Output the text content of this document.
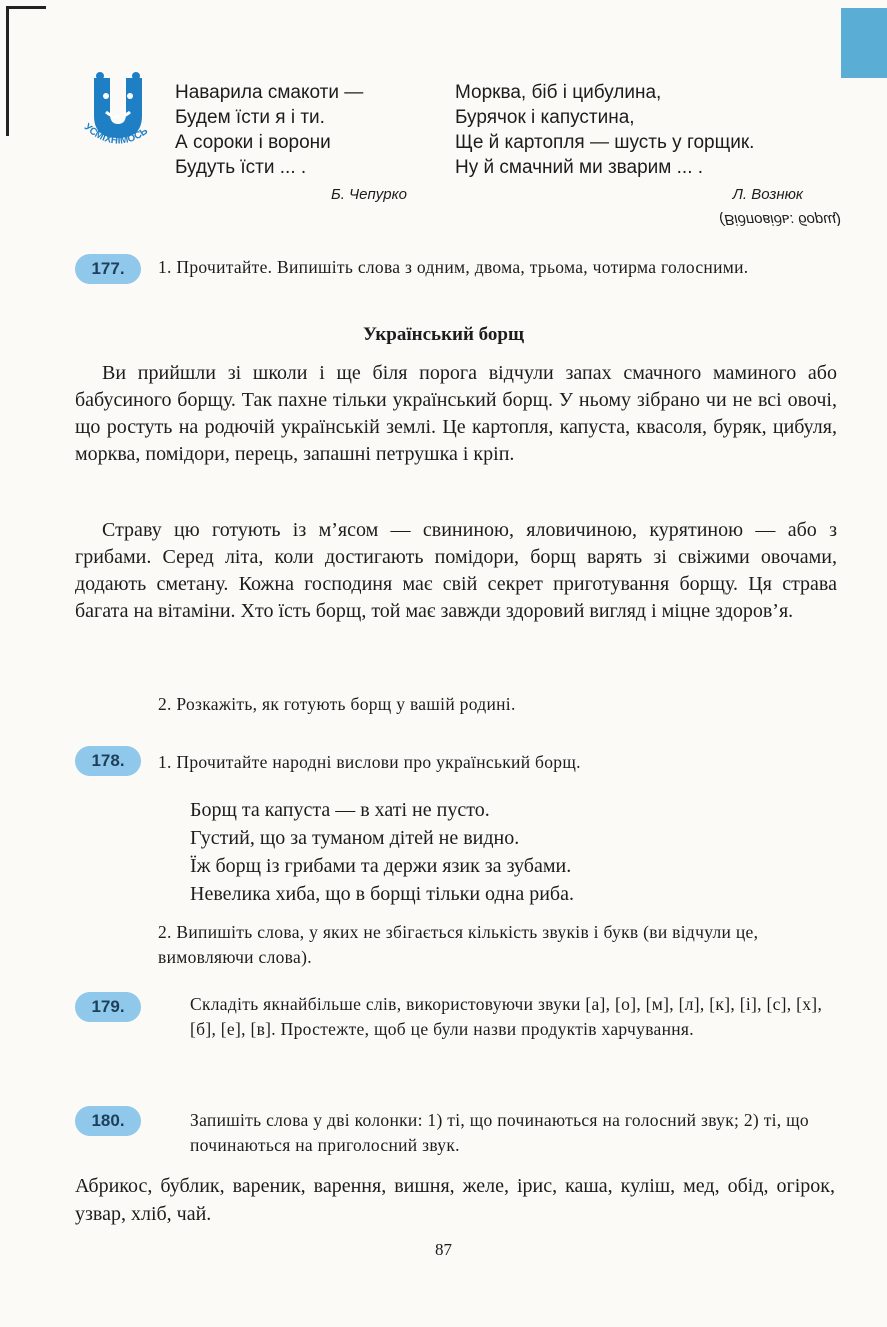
УСМІХНІМОСЬ
Наварила смакоти —
Будем їсти я і ти.
А сороки і ворони
Будуть їсти ... .
Б. Чепурко
Морква, біб і цибулина,
Бурячок і капустина,
Ще й картопля — шусть у горщик.
Ну й смачний ми зварим ... .
Л. Вознюк
(Відповідь: борщ)
177.	1. Прочитайте. Випишіть слова з одним, двома, трьома, чотирма голосними.
Український борщ
Ви прийшли зі школи і ще біля порога відчули запах смачного маминого або бабусиного борщу. Так пахне тільки український борщ. У ньому зібрано чи не всі овочі, що ростуть на родючій українській землі. Це картопля, капуста, квасоля, буряк, цибуля, морква, помідори, перець, запашні петрушка і кріп.
Страву цю готують із м’ясом — свининою, яловичиною, курятиною — або з грибами. Серед літа, коли достигають помідори, борщ варять зі свіжими овочами, додають сметану. Кожна господиня має свій секрет приготування борщу. Ця страва багата на вітаміни. Хто їсть борщ, той має завжди здоровий вигляд і міцне здоров’я.
2. Розкажіть, як готують борщ у вашій родині.
178.	1. Прочитайте народні вислови про український борщ.
Борщ та капуста — в хаті не пусто.
Густий, що за туманом дітей не видно.
Їж борщ із грибами та держи язик за зубами.
Невелика хиба, що в борщі тільки одна риба.
2. Випишіть слова, у яких не збігається кількість звуків і букв (ви відчули це, вимовляючи слова).
179.	Складіть якнайбільше слів, використовуючи звуки [а], [о], [м], [л], [к], [і], [с], [х], [б], [е], [в]. Простежте, щоб це були назви продуктів харчування.
180.	Запишіть слова у дві колонки: 1) ті, що починаються на голосний звук; 2) ті, що починаються на приголосний звук.
Абрикос, бублик, вареник, варення, вишня, желе, ірис, каша, куліш, мед, обід, огірок, узвар, хліб, чай.
87
